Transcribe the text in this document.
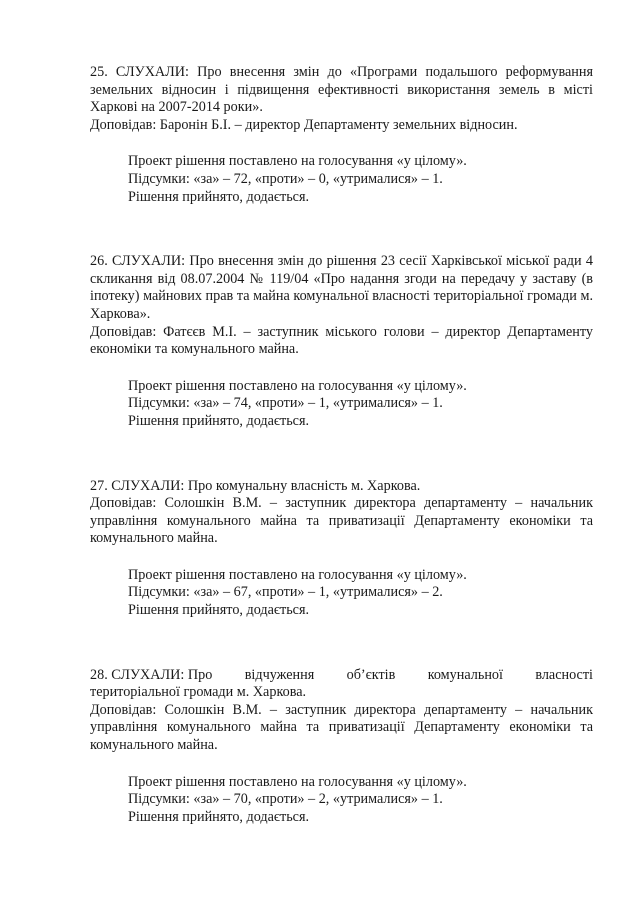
25. СЛУХАЛИ: Про внесення змін до «Програми подальшого реформування земельних відносин і підвищення ефективності використання земель в місті Харкові на 2007-2014 роки».

Доповідав: Баронін Б.І. – директор Департаменту земельних відносин.

Проект рішення поставлено на голосування «у цілому».

Підсумки: «за» – 72, «проти» – 0, «утрималися» – 1.

Рішення прийнято, додається.

26. СЛУХАЛИ: Про внесення змін до рішення 23 сесії Харківської міської ради 4 скликання від 08.07.2004 № 119/04 «Про надання згоди на передачу у заставу (в іпотеку) майнових прав та майна комунальної власності територіальної громади м. Харкова».

Доповідав: Фатєєв М.І. – заступник міського голови – директор Департаменту економіки та комунального майна.

Проект рішення поставлено на голосування «у цілому».

Підсумки: «за» – 74, «проти» – 1, «утрималися» – 1.

Рішення прийнято, додається.

27. СЛУХАЛИ: Про комунальну власність м. Харкова.

Доповідав: Солошкін В.М. – заступник директора департаменту – начальник управління комунального майна та приватизації Департаменту економіки та комунального майна.

Проект рішення поставлено на голосування «у цілому».

Підсумки: «за» – 67, «проти» – 1, «утрималися» – 2.

Рішення прийнято, додається.

28. СЛУХАЛИ: Про відчуження об’єктів комунальної власності
територіальної громади м. Харкова.

Доповідав: Солошкін В.М. – заступник директора департаменту – начальник управління комунального майна та приватизації Департаменту економіки та комунального майна.

Проект рішення поставлено на голосування «у цілому».

Підсумки: «за» – 70, «проти» – 2, «утрималися» – 1.

Рішення прийнято, додається.
